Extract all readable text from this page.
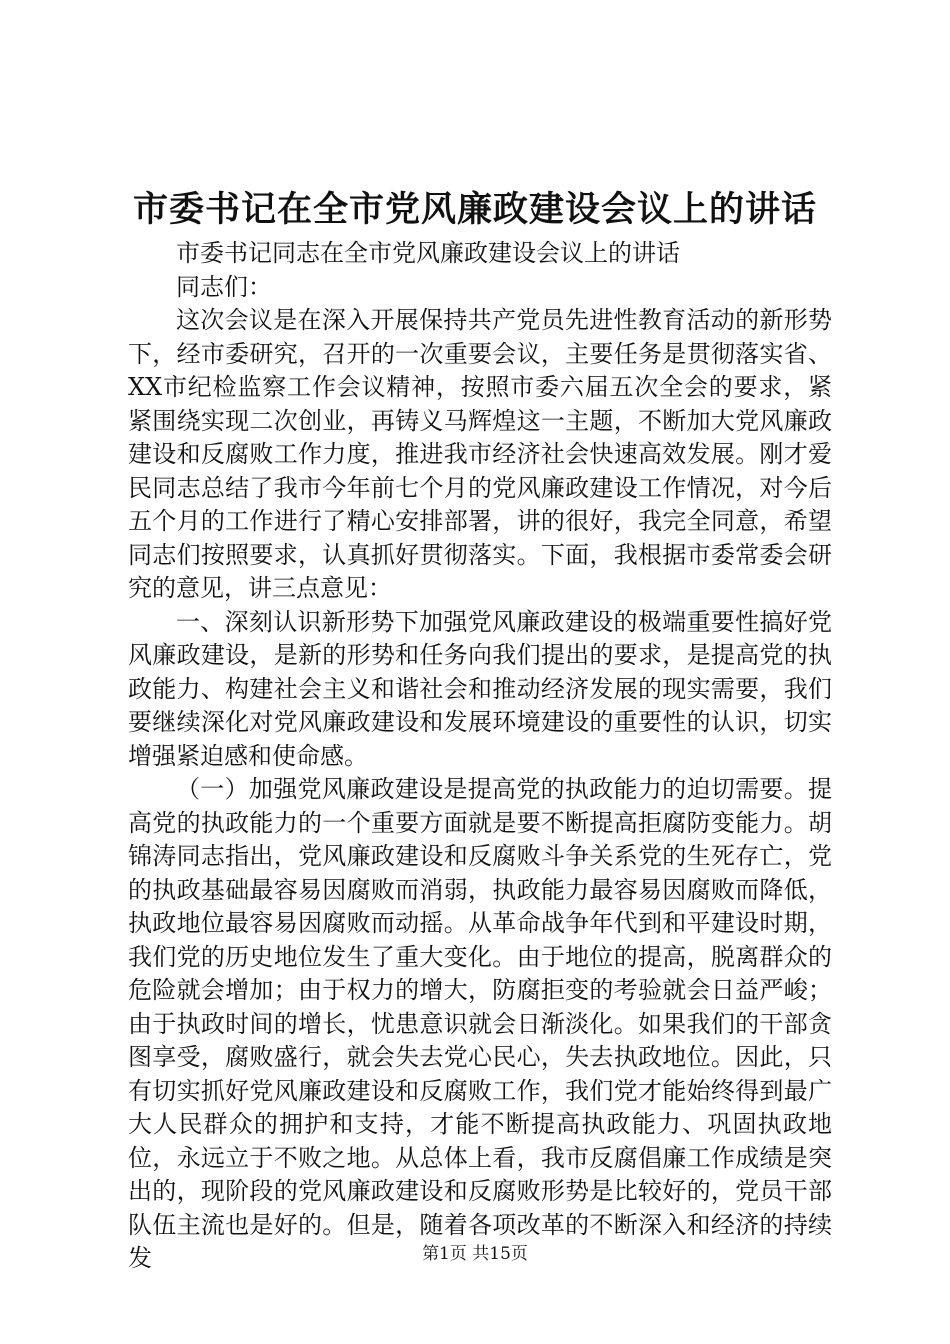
市委书记在全市党风廉政建设会议上的讲话

市委书记同志在全市党风廉政建设会议上的讲话

同志们：

这次会议是在深入开展保持共产党员先进性教育活动的新形势下，经市委研究，召开的一次重要会议，主要任务是贯彻落实省、XX市纪检监察工作会议精神，按照市委六届五次全会的要求，紧紧围绕实现二次创业，再铸义马辉煌这一主题，不断加大党风廉政建设和反腐败工作力度，推进我市经济社会快速高效发展。刚才爱民同志总结了我市今年前七个月的党风廉政建设工作情况，对今后五个月的工作进行了精心安排部署，讲的很好，我完全同意，希望同志们按照要求，认真抓好贯彻落实。下面，我根据市委常委会研究的意见，讲三点意见：

一、深刻认识新形势下加强党风廉政建设的极端重要性搞好党风廉政建设，是新的形势和任务向我们提出的要求，是提高党的执政能力、构建社会主义和谐社会和推动经济发展的现实需要，我们要继续深化对党风廉政建设和发展环境建设的重要性的认识，切实增强紧迫感和使命感。

（一）加强党风廉政建设是提高党的执政能力的迫切需要。提高党的执政能力的一个重要方面就是要不断提高拒腐防变能力。胡锦涛同志指出，党风廉政建设和反腐败斗争关系党的生死存亡，党的执政基础最容易因腐败而消弱，执政能力最容易因腐败而降低，执政地位最容易因腐败而动摇。从革命战争年代到和平建设时期，我们党的历史地位发生了重大变化。由于地位的提高，脱离群众的危险就会增加；由于权力的增大，防腐拒变的考验就会日益严峻；由于执政时间的增长，忧患意识就会日渐淡化。如果我们的干部贪图享受，腐败盛行，就会失去党心民心，失去执政地位。因此，只有切实抓好党风廉政建设和反腐败工作，我们党才能始终得到最广大人民群众的拥护和支持，才能不断提高执政能力、巩固执政地位，永远立于不败之地。从总体上看，我市反腐倡廉工作成绩是突出的，现阶段的党风廉政建设和反腐败形势是比较好的，党员干部队伍主流也是好的。但是，随着各项改革的不断深入和经济的持续发	第1页 共15页
